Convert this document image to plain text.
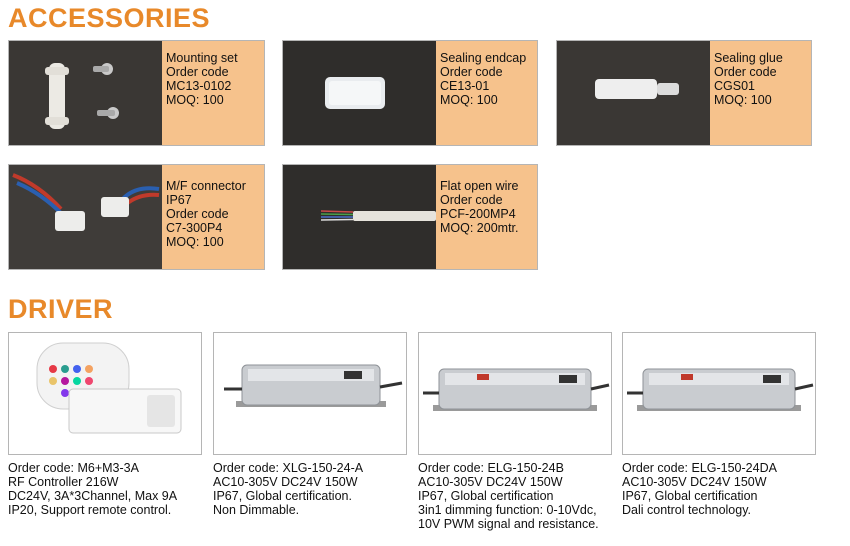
ACCESSORIES
Mounting set
Order code
MC13-0102
MOQ: 100
Sealing endcap
Order code
CE13-01
MOQ: 100
Sealing glue
Order code
CGS01
MOQ: 100
M/F connector
IP67
Order code
C7-300P4
MOQ: 100
Flat open wire
Order code
PCF-200MP4
MOQ: 200mtr.
DRIVER
Order code: M6+M3-3A
RF Controller 216W
DC24V, 3A*3Channel, Max 9A
IP20, Support remote control.
Order code: XLG-150-24-A
AC10-305V DC24V 150W
IP67, Global certification.
Non Dimmable.
Order code: ELG-150-24B
AC10-305V DC24V 150W
IP67, Global certification
3in1 dimming function: 0-10Vdc,
10V PWM signal and resistance.
Order code: ELG-150-24DA
AC10-305V DC24V 150W
IP67, Global certification
Dali control technology.
